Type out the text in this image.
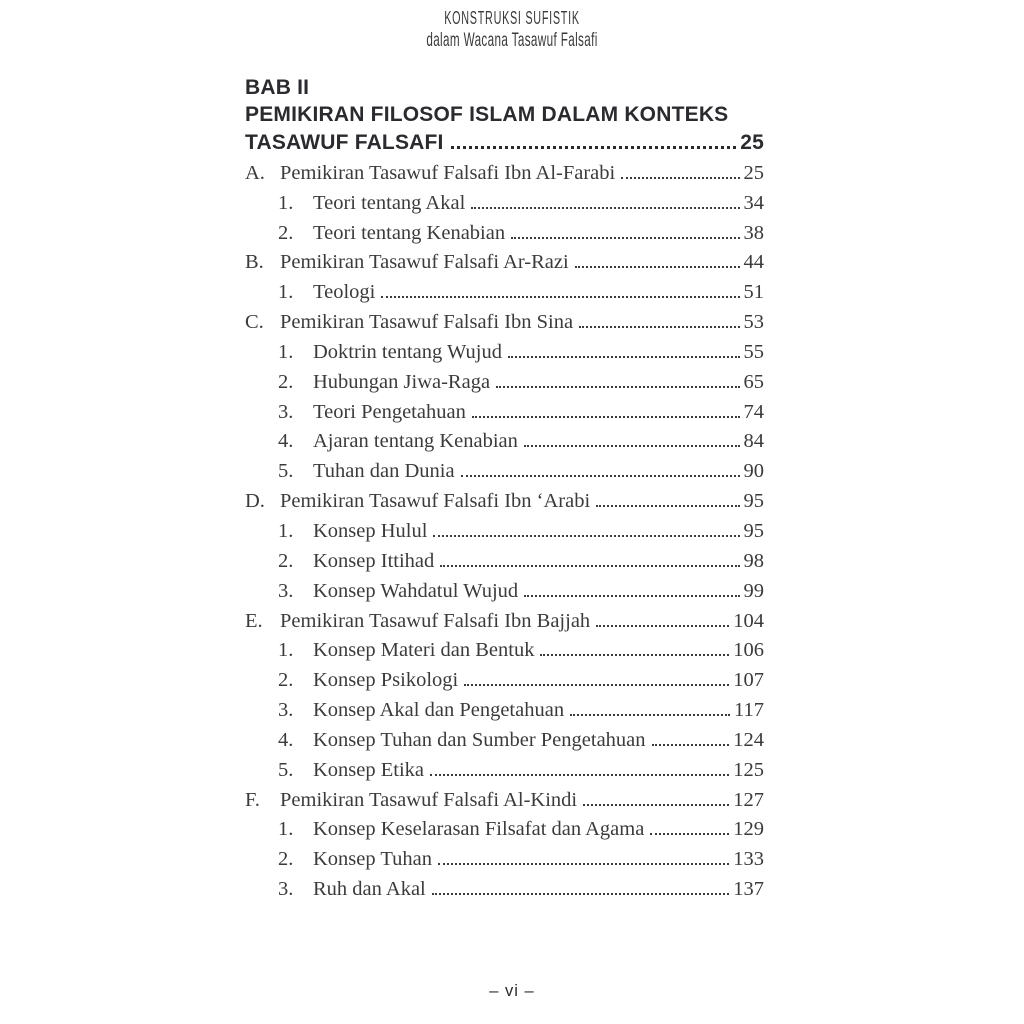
KONSTRUKSI SUFISTIK
dalam Wacana Tasawuf Falsafi
BAB II
PEMIKIRAN FILOSOF ISLAM DALAM KONTEKS
TASAWUF FALSAFI	25
A. Pemikiran Tasawuf Falsafi Ibn Al-Farabi	25
1. Teori tentang Akal	34
2. Teori tentang Kenabian	38
B. Pemikiran Tasawuf Falsafi Ar-Razi	44
1. Teologi	51
C. Pemikiran Tasawuf Falsafi Ibn Sina	53
1. Doktrin tentang Wujud	55
2. Hubungan Jiwa-Raga	65
3. Teori Pengetahuan	74
4. Ajaran tentang Kenabian	84
5. Tuhan dan Dunia	90
D. Pemikiran Tasawuf Falsafi Ibn ‘Arabi	95
1. Konsep Hulul	95
2. Konsep Ittihad	98
3. Konsep Wahdatul Wujud	99
E. Pemikiran Tasawuf Falsafi Ibn Bajjah	104
1. Konsep Materi dan Bentuk	106
2. Konsep Psikologi	107
3. Konsep Akal dan Pengetahuan	117
4. Konsep Tuhan dan Sumber Pengetahuan	124
5. Konsep Etika	125
F. Pemikiran Tasawuf Falsafi Al-Kindi	127
1. Konsep Keselarasan Filsafat dan Agama	129
2. Konsep Tuhan	133
3. Ruh dan Akal	137
– vi –
